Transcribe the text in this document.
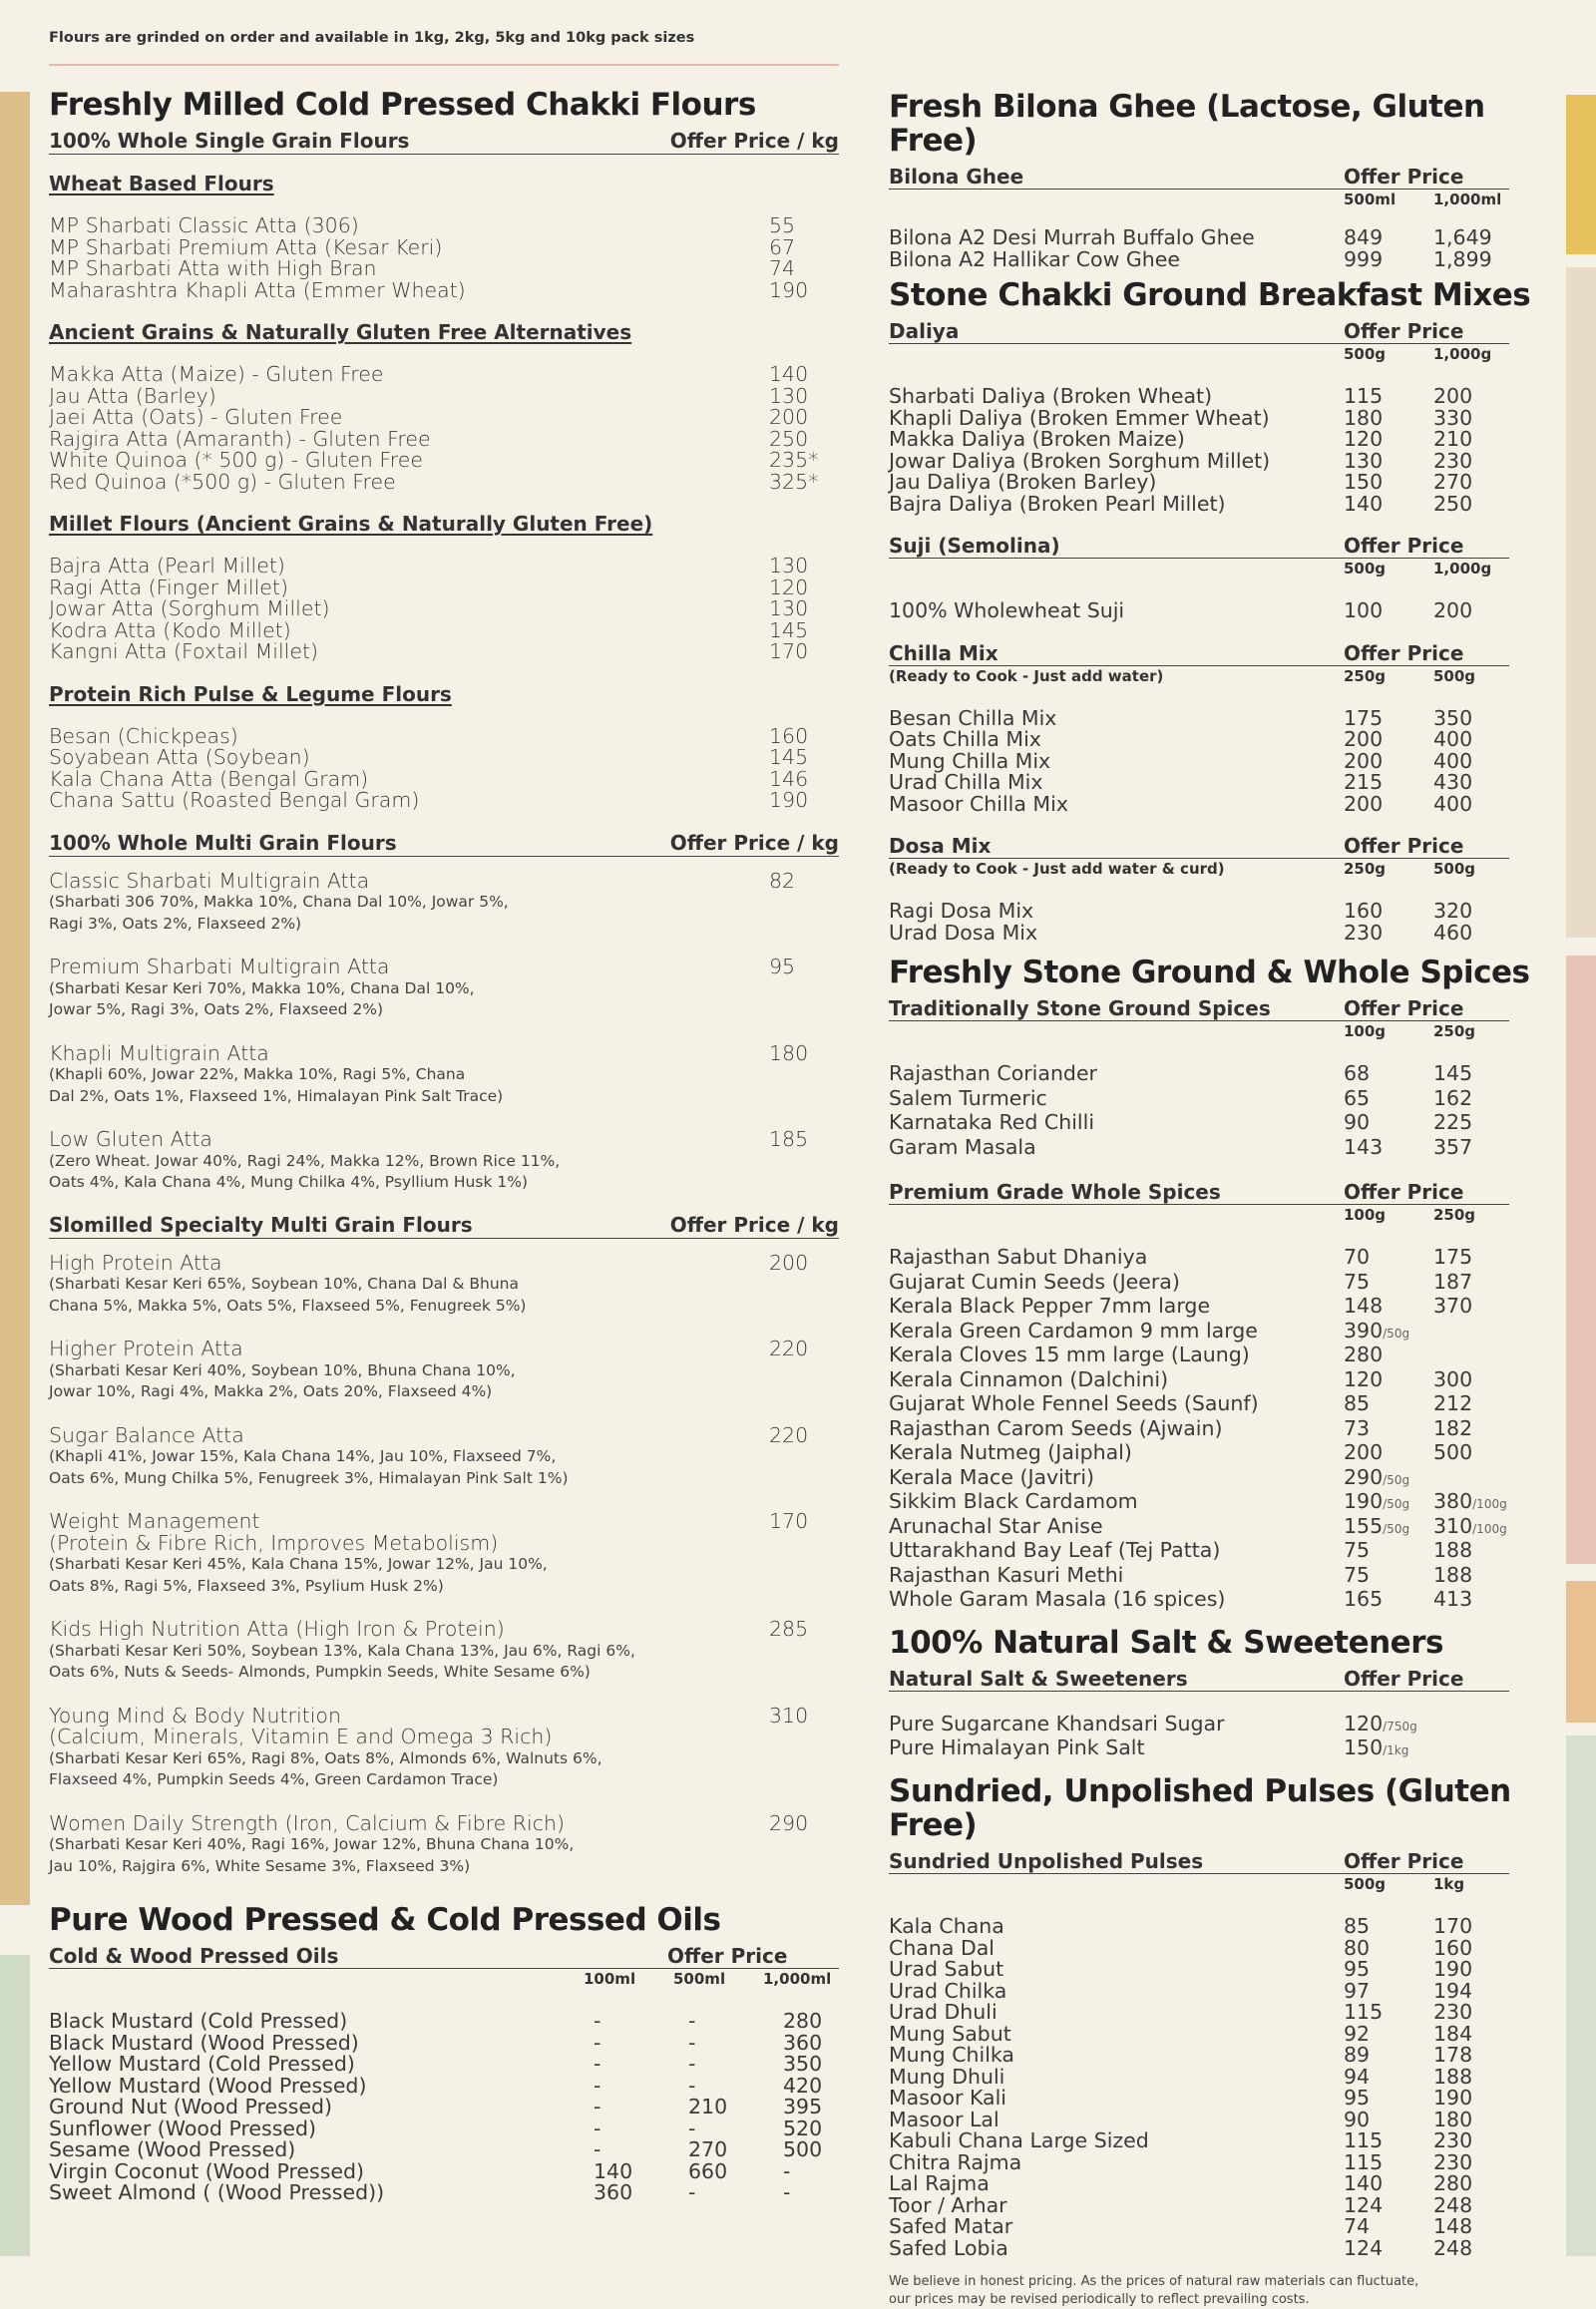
Flours are grinded on order and available in 1kg, 2kg, 5kg and 10kg pack sizes
Freshly Milled Cold Pressed Chakki Flours
100% Whole Single Grain Flours	Offer Price / kg
Wheat Based Flours
MP Sharbati Classic Atta (306)	55
MP Sharbati Premium Atta (Kesar Keri)	67
MP Sharbati Atta with High Bran	74
Maharashtra Khapli Atta (Emmer Wheat)	190
Ancient Grains & Naturally Gluten Free Alternatives
Makka Atta (Maize) - Gluten Free	140
Jau Atta (Barley)	130
Jaei Atta (Oats) - Gluten Free	200
Rajgira Atta (Amaranth) - Gluten Free	250
White Quinoa (* 500 g) - Gluten Free	235*
Red Quinoa (*500 g) - Gluten Free	325*
Millet Flours (Ancient Grains & Naturally Gluten Free)
Bajra Atta (Pearl Millet)	130
Ragi Atta (Finger Millet)	120
Jowar Atta (Sorghum Millet)	130
Kodra Atta (Kodo Millet)	145
Kangni Atta (Foxtail Millet)	170
Protein Rich Pulse & Legume Flours
Besan (Chickpeas)	160
Soyabean Atta (Soybean)	145
Kala Chana Atta (Bengal Gram)	146
Chana Sattu (Roasted Bengal Gram)	190
100% Whole Multi Grain Flours	Offer Price / kg
Classic Sharbati Multigrain Atta	82
(Sharbati 306 70%, Makka 10%, Chana Dal 10%, Jowar 5%,
Ragi 3%, Oats 2%, Flaxseed 2%)
Premium Sharbati Multigrain Atta	95
(Sharbati Kesar Keri 70%, Makka 10%, Chana Dal 10%,
Jowar 5%, Ragi 3%, Oats 2%, Flaxseed 2%)
Khapli Multigrain Atta	180
(Khapli 60%, Jowar 22%, Makka 10%, Ragi 5%, Chana
Dal 2%, Oats 1%, Flaxseed 1%, Himalayan Pink Salt Trace)
Low Gluten Atta	185
(Zero Wheat. Jowar 40%, Ragi 24%, Makka 12%, Brown Rice 11%,
Oats 4%, Kala Chana 4%, Mung Chilka 4%, Psyllium Husk 1%)
Slomilled Specialty Multi Grain Flours	Offer Price / kg
High Protein Atta	200
(Sharbati Kesar Keri 65%, Soybean 10%, Chana Dal & Bhuna
Chana 5%, Makka 5%, Oats 5%, Flaxseed 5%, Fenugreek 5%)
Higher Protein Atta	220
(Sharbati Kesar Keri 40%, Soybean 10%, Bhuna Chana 10%,
Jowar 10%, Ragi 4%, Makka 2%, Oats 20%, Flaxseed 4%)
Sugar Balance Atta	220
(Khapli 41%, Jowar 15%, Kala Chana 14%, Jau 10%, Flaxseed 7%,
Oats 6%, Mung Chilka 5%, Fenugreek 3%, Himalayan Pink Salt 1%)
Weight Management	170
(Protein & Fibre Rich, Improves Metabolism)
(Sharbati Kesar Keri 45%, Kala Chana 15%, Jowar 12%, Jau 10%,
Oats 8%, Ragi 5%, Flaxseed 3%, Psylium Husk 2%)
Kids High Nutrition Atta (High Iron & Protein)	285
(Sharbati Kesar Keri 50%, Soybean 13%, Kala Chana 13%, Jau 6%, Ragi 6%,
Oats 6%, Nuts & Seeds- Almonds, Pumpkin Seeds, White Sesame 6%)
Young Mind & Body Nutrition	310
(Calcium, Minerals, Vitamin E and Omega 3 Rich)
(Sharbati Kesar Keri 65%, Ragi 8%, Oats 8%, Almonds 6%, Walnuts 6%,
Flaxseed 4%, Pumpkin Seeds 4%, Green Cardamon Trace)
Women Daily Strength (Iron, Calcium & Fibre Rich)	290
(Sharbati Kesar Keri 40%, Ragi 16%, Jowar 12%, Bhuna Chana 10%,
Jau 10%, Rajgira 6%, White Sesame 3%, Flaxseed 3%)
Pure Wood Pressed & Cold Pressed Oils
Cold & Wood Pressed Oils	Offer Price
100ml	500ml	1,000ml
Black Mustard (Cold Pressed)	-	-	280
Black Mustard (Wood Pressed)	-	-	360
Yellow Mustard (Cold Pressed)	-	-	350
Yellow Mustard (Wood Pressed)	-	-	420
Ground Nut (Wood Pressed)	-	210	395
Sunflower (Wood Pressed)	-	-	520
Sesame (Wood Pressed)	-	270	500
Virgin Coconut (Wood Pressed)	140	660	-
Sweet Almond ( (Wood Pressed))	360	-	-
Fresh Bilona Ghee (Lactose, Gluten Free)
Bilona Ghee	Offer Price
500ml	1,000ml
Bilona A2 Desi Murrah Buffalo Ghee	849	1,649
Bilona A2 Hallikar Cow Ghee	999	1,899
Stone Chakki Ground Breakfast Mixes
Daliya	Offer Price
500g	1,000g
Sharbati Daliya (Broken Wheat)	115	200
Khapli Daliya (Broken Emmer Wheat)	180	330
Makka Daliya (Broken Maize)	120	210
Jowar Daliya (Broken Sorghum Millet)	130	230
Jau Daliya (Broken Barley)	150	270
Bajra Daliya (Broken Pearl Millet)	140	250
Suji (Semolina)	Offer Price
500g	1,000g
100% Wholewheat Suji	100	200
Chilla Mix	Offer Price
(Ready to Cook - Just add water)	250g	500g
Besan Chilla Mix	175	350
Oats Chilla Mix	200	400
Mung Chilla Mix	200	400
Urad Chilla Mix	215	430
Masoor Chilla Mix	200	400
Dosa Mix	Offer Price
(Ready to Cook - Just add water & curd)	250g	500g
Ragi Dosa Mix	160	320
Urad Dosa Mix	230	460
Freshly Stone Ground & Whole Spices
Traditionally Stone Ground Spices	Offer Price
100g	250g
Rajasthan Coriander	68	145
Salem Turmeric	65	162
Karnataka Red Chilli	90	225
Garam Masala	143	357
Premium Grade Whole Spices	Offer Price
100g	250g
Rajasthan Sabut Dhaniya	70	175
Gujarat Cumin Seeds (Jeera)	75	187
Kerala Black Pepper 7mm large	148	370
Kerala Green Cardamon 9 mm large	390/50g
Kerala Cloves 15 mm large (Laung)	280
Kerala Cinnamon (Dalchini)	120	300
Gujarat Whole Fennel Seeds (Saunf)	85	212
Rajasthan Carom Seeds (Ajwain)	73	182
Kerala Nutmeg (Jaiphal)	200	500
Kerala Mace (Javitri)	290/50g
Sikkim Black Cardamom	190/50g	380/100g
Arunachal Star Anise	155/50g	310/100g
Uttarakhand Bay Leaf (Tej Patta)	75	188
Rajasthan Kasuri Methi	75	188
Whole Garam Masala (16 spices)	165	413
100% Natural Salt & Sweeteners
Natural Salt & Sweeteners	Offer Price
Pure Sugarcane Khandsari Sugar	120/750g
Pure Himalayan Pink Salt	150/1kg
Sundried, Unpolished Pulses (Gluten Free)
Sundried Unpolished Pulses	Offer Price
500g	1kg
Kala Chana	85	170
Chana Dal	80	160
Urad Sabut	95	190
Urad Chilka	97	194
Urad Dhuli	115	230
Mung Sabut	92	184
Mung Chilka	89	178
Mung Dhuli	94	188
Masoor Kali	95	190
Masoor Lal	90	180
Kabuli Chana Large Sized	115	230
Chitra Rajma	115	230
Lal Rajma	140	280
Toor / Arhar	124	248
Safed Matar	74	148
Safed Lobia	124	248
We believe in honest pricing. As the prices of natural raw materials can fluctuate,
our prices may be revised periodically to reflect prevailing costs.
